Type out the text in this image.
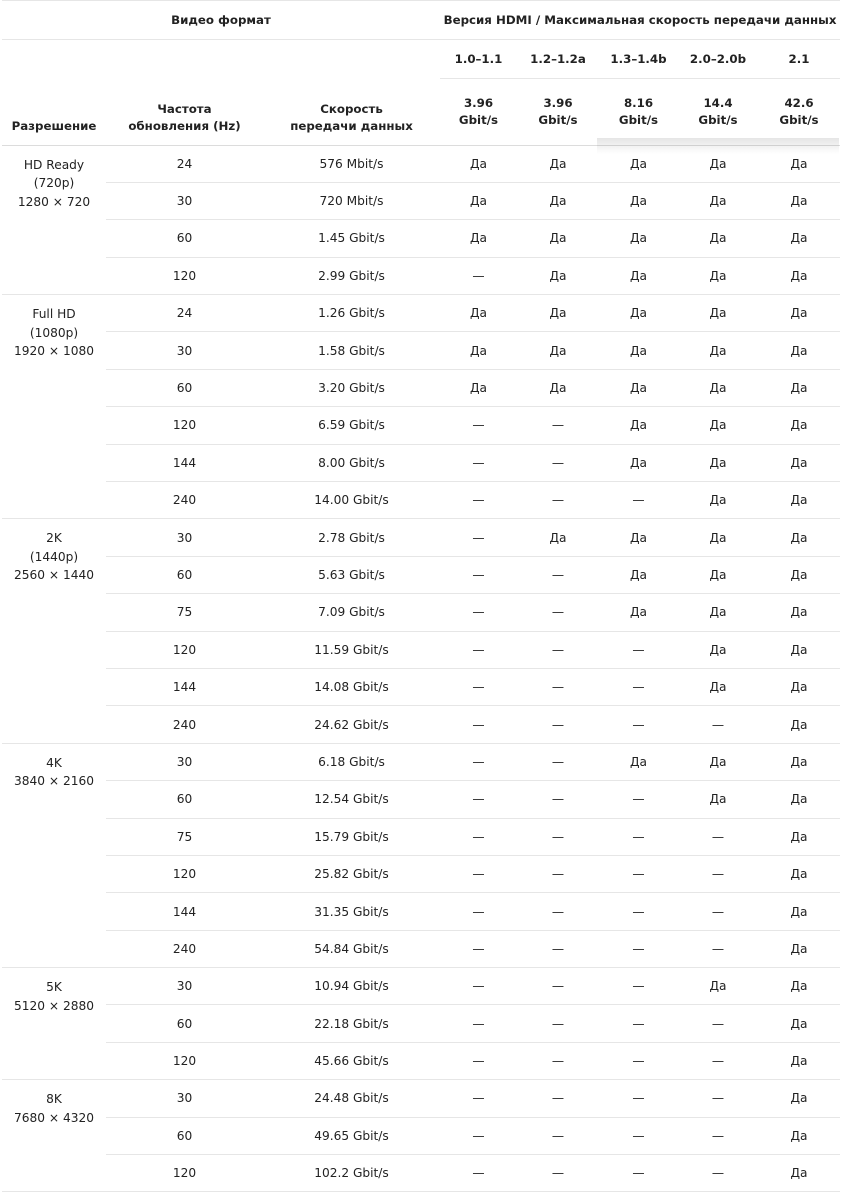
Видео формат			Версия HDMI / Максимальная скорость передачи данных				
			1.0–1.1	1.2–1.2a	1.3–1.4b	2.0–2.0b	2.1
Разрешение	Частота обновления (Hz)	Скорость передачи данных	3.96 Gbit/s	3.96 Gbit/s	8.16 Gbit/s	14.4 Gbit/s	42.6 Gbit/s

HD Ready
(720p)
1280 × 720	24	576 Mbit/s	Да	Да	Да	Да	Да
	30	720 Mbit/s	Да	Да	Да	Да	Да
	60	1.45 Gbit/s	Да	Да	Да	Да	Да
	120	2.99 Gbit/s	—	Да	Да	Да	Да

Full HD
(1080p)
1920 × 1080	24	1.26 Gbit/s	Да	Да	Да	Да	Да
	30	1.58 Gbit/s	Да	Да	Да	Да	Да
	60	3.20 Gbit/s	Да	Да	Да	Да	Да
	120	6.59 Gbit/s	—	—	Да	Да	Да
	144	8.00 Gbit/s	—	—	Да	Да	Да
	240	14.00 Gbit/s	—	—	—	Да	Да

2K
(1440p)
2560 × 1440	30	2.78 Gbit/s	—	Да	Да	Да	Да
	60	5.63 Gbit/s	—	—	Да	Да	Да
	75	7.09 Gbit/s	—	—	Да	Да	Да
	120	11.59 Gbit/s	—	—	—	Да	Да
	144	14.08 Gbit/s	—	—	—	Да	Да
	240	24.62 Gbit/s	—	—	—	—	Да

4K
3840 × 2160	30	6.18 Gbit/s	—	—	Да	Да	Да
	60	12.54 Gbit/s	—	—	—	Да	Да
	75	15.79 Gbit/s	—	—	—	—	Да
	120	25.82 Gbit/s	—	—	—	—	Да
	144	31.35 Gbit/s	—	—	—	—	Да
	240	54.84 Gbit/s	—	—	—	—	Да

5K
5120 × 2880	30	10.94 Gbit/s	—	—	—	Да	Да
	60	22.18 Gbit/s	—	—	—	—	Да
	120	45.66 Gbit/s	—	—	—	—	Да

8K
7680 × 4320	30	24.48 Gbit/s	—	—	—	—	Да
	60	49.65 Gbit/s	—	—	—	—	Да
	120	102.2 Gbit/s	—	—	—	—	Да
